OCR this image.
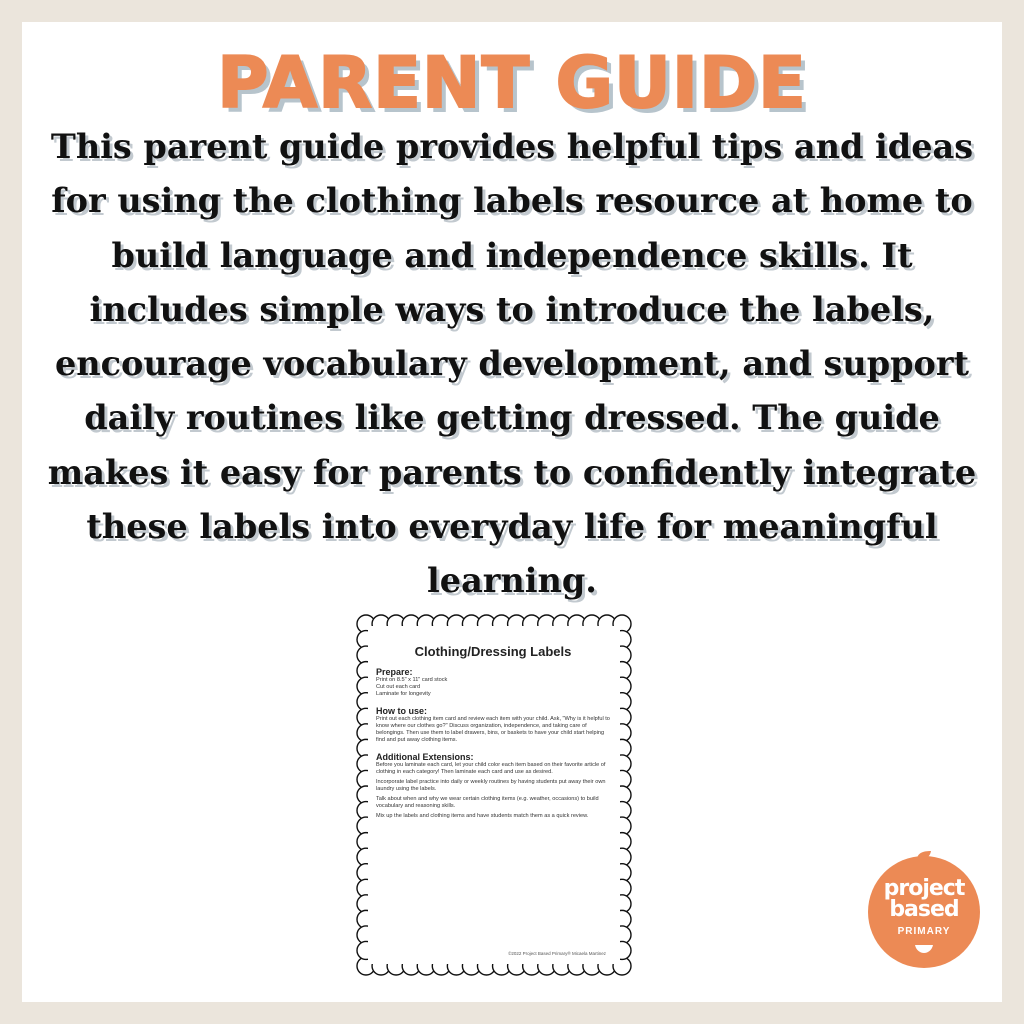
PARENT GUIDE

This parent guide provides helpful tips and ideas for using the clothing labels resource at home to build language and independence skills. It includes simple ways to introduce the labels, encourage vocabulary development, and support daily routines like getting dressed. The guide makes it easy for parents to confidently integrate these labels into everyday life for meaningful learning.

Clothing/Dressing Labels
Prepare:

Print on 8.5" x 11" card stock

Cut out each card

Laminate for longevity

How to use:

Print out each clothing item card and review each item with your child. Ask, "Why is it helpful to know where our clothes go?" Discuss organization, independence, and taking care of belongings. Then use them to label drawers, bins, or baskets to have your child start helping find and put away clothing items.

Additional Extensions:

Before you laminate each card, let your child color each item based on their favorite article of clothing in each category! Then laminate each card and use as desired.

Incorporate label practice into daily or weekly routines by having students put away their own laundry using the labels.

Talk about when and why we wear certain clothing items (e.g. weather, occasions) to build vocabulary and reasoning skills.

Mix up the labels and clothing items and have students match them as a quick review.

©2022 Project Based Primary® Micaela Martinez
project
based
PRIMARY
